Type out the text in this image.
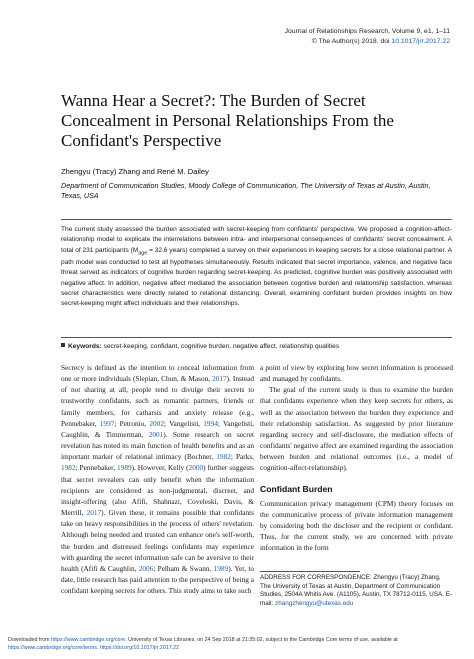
Journal of Relationships Research, Volume 9, e1, 1–11
© The Author(s) 2018. doi 10.1017/jrr.2017.22
Wanna Hear a Secret?: The Burden of Secret Concealment in Personal Relationships From the Confidant's Perspective
Zhengyu (Tracy) Zhang and René M. Dailey
Department of Communication Studies, Moody College of Communication, The University of Texas at Austin, Austin, Texas, USA
The current study assessed the burden associated with secret-keeping from confidants' perspective. We proposed a cognition-affect-relationship model to explicate the interrelations between intra- and interpersonal consequences of confidants' secret concealment. A total of 231 participants ($M_{age} = 32.6$ years) completed a survey on their experiences in keeping secrets for a close relational partner. A path model was conducted to test all hypotheses simultaneously. Results indicated that secret importance, valence, and negative face threat served as indicators of cognitive burden regarding secret-keeping. As predicted, cognitive burden was positively associated with negative affect. In addition, negative affect mediated the association between cognitive burden and relationship satisfaction, whereas secret characteristics were directly related to relational distancing. Overall, examining confidant burden provides insights on how secret-keeping might affect individuals and their relationships.
Keywords: secret-keeping, confidant, cognitive burden, negative affect, relationship qualities

Secrecy is defined as the intention to conceal information from one or more individuals (Slepian, Chun, & Mason, 2017). Instead of not sharing at all, people tend to divulge their secrets to trustworthy confidants, such as romantic partners, friends or family members, for catharsis and anxiety release (e.g., Pennebaker, 1997; Petronio, 2002; Vangelisti, 1994; Vangelisti, Caughlin, & Timmerman, 2001). Some research on secret revelation has noted its main function of health benefits and as an important marker of relational intimacy (Bochner, 1982; Parks, 1982; Pennebaker, 1989). However, Kelly (2000) further suggests that secret revealers can only benefit when the information recipients are considered as non-judgmental, discreet, and insight-offering (also Afifi, Shahnazi, Coveleski, Davis, & Merrill, 2017). Given these, it remains possible that confidants take on heavy responsibilities in the process of others' revelation. Although being needed and trusted can enhance one's self-worth, the burden and distressed feelings confidants may experience with guarding the secret information safe can be aversive to their health (Afifi & Caughlin, 2006; Pelham & Swann, 1989). Yet, to date, little research has paid attention to the perspective of being a confidant keeping secrets for others. This study aims to take such

a point of view by exploring how secret information is processed and managed by confidants.

The goal of the current study is thus to examine the burden that confidants experience when they keep secrets for others, as well as the association between the burden they experience and their relationship satisfaction. As suggested by prior literature regarding secrecy and self-disclosure, the mediation effects of confidants' negative affect are examined regarding the association between burden and relational outcomes (i.e., a model of cognition-affect-relationship).

Confidant Burden

Communication privacy management (CPM) theory focuses on the communicative process of private information management by considering both the discloser and the recipient or confidant. Thus, for the current study, we are concerned with private information in the form

ADDRESS FOR CORRESPONDENCE: Zhengyu (Tracy) Zhang, The University of Texas at Austin, Department of Communication Studies, 2504A Whitis Ave. (A1105), Austin, TX 78712-0115, USA. E-mail: zhangzhengyu@utexas.edu
Downloaded from https://www.cambridge.org/core. University of Texas Libraries, on 24 Sep 2018 at 21:35:02, subject to the Cambridge Core terms of use, available at
https://www.cambridge.org/core/terms. https://doi.org/10.1017/jrr.2017.22
